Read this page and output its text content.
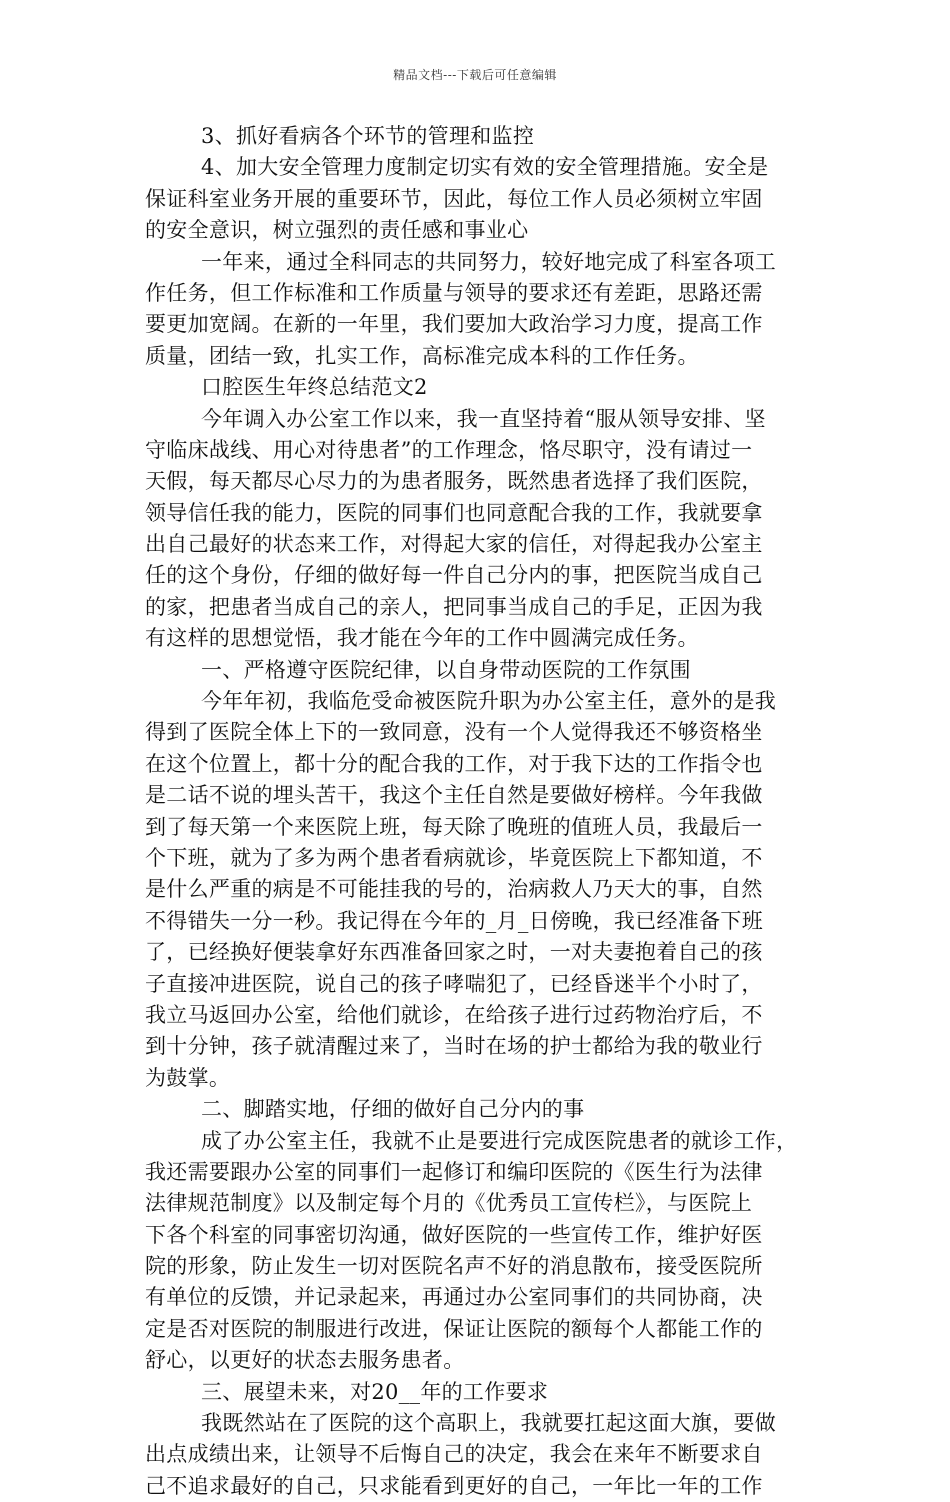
精品文档---下载后可任意编辑
3、抓好看病各个环节的管理和监控
4、加大安全管理力度制定切实有效的安全管理措施。安全是
保证科室业务开展的重要环节，因此，每位工作人员必须树立牢固
的安全意识，树立强烈的责任感和事业心
一年来，通过全科同志的共同努力，较好地完成了科室各项工
作任务，但工作标准和工作质量与领导的要求还有差距，思路还需
要更加宽阔。在新的一年里，我们要加大政治学习力度，提高工作
质量，团结一致，扎实工作，高标准完成本科的工作任务。
口腔医生年终总结范文2
今年调入办公室工作以来，我一直坚持着“服从领导安排、坚
守临床战线、用心对待患者”的工作理念，恪尽职守，没有请过一
天假，每天都尽心尽力的为患者服务，既然患者选择了我们医院，
领导信任我的能力，医院的同事们也同意配合我的工作，我就要拿
出自己最好的状态来工作，对得起大家的信任，对得起我办公室主
任的这个身份，仔细的做好每一件自己分内的事，把医院当成自己
的家，把患者当成自己的亲人，把同事当成自己的手足，正因为我
有这样的思想觉悟，我才能在今年的工作中圆满完成任务。
一、严格遵守医院纪律，以自身带动医院的工作氛围
今年年初，我临危受命被医院升职为办公室主任，意外的是我
得到了医院全体上下的一致同意，没有一个人觉得我还不够资格坐
在这个位置上，都十分的配合我的工作，对于我下达的工作指令也
是二话不说的埋头苦干，我这个主任自然是要做好榜样。今年我做
到了每天第一个来医院上班，每天除了晚班的值班人员，我最后一
个下班，就为了多为两个患者看病就诊，毕竟医院上下都知道，不
是什么严重的病是不可能挂我的号的，治病救人乃天大的事，自然
不得错失一分一秒。我记得在今年的_月_日傍晚，我已经准备下班
了，已经换好便装拿好东西准备回家之时，一对夫妻抱着自己的孩
子直接冲进医院，说自己的孩子哮喘犯了，已经昏迷半个小时了，
我立马返回办公室，给他们就诊，在给孩子进行过药物治疗后，不
到十分钟，孩子就清醒过来了，当时在场的护士都给为我的敬业行
为鼓掌。
二、脚踏实地，仔细的做好自己分内的事
成了办公室主任，我就不止是要进行完成医院患者的就诊工作，
我还需要跟办公室的同事们一起修订和编印医院的《医生行为法律
法律规范制度》以及制定每个月的《优秀员工宣传栏》，与医院上
下各个科室的同事密切沟通，做好医院的一些宣传工作，维护好医
院的形象，防止发生一切对医院名声不好的消息散布，接受医院所
有单位的反馈，并记录起来，再通过办公室同事们的共同协商，决
定是否对医院的制服进行改进，保证让医院的额每个人都能工作的
舒心，以更好的状态去服务患者。
三、展望未来，对20__年的工作要求
我既然站在了医院的这个高职上，我就要扛起这面大旗，要做
出点成绩出来，让领导不后悔自己的决定，我会在来年不断要求自
己不追求最好的自己，只求能看到更好的自己，一年比一年的工作
